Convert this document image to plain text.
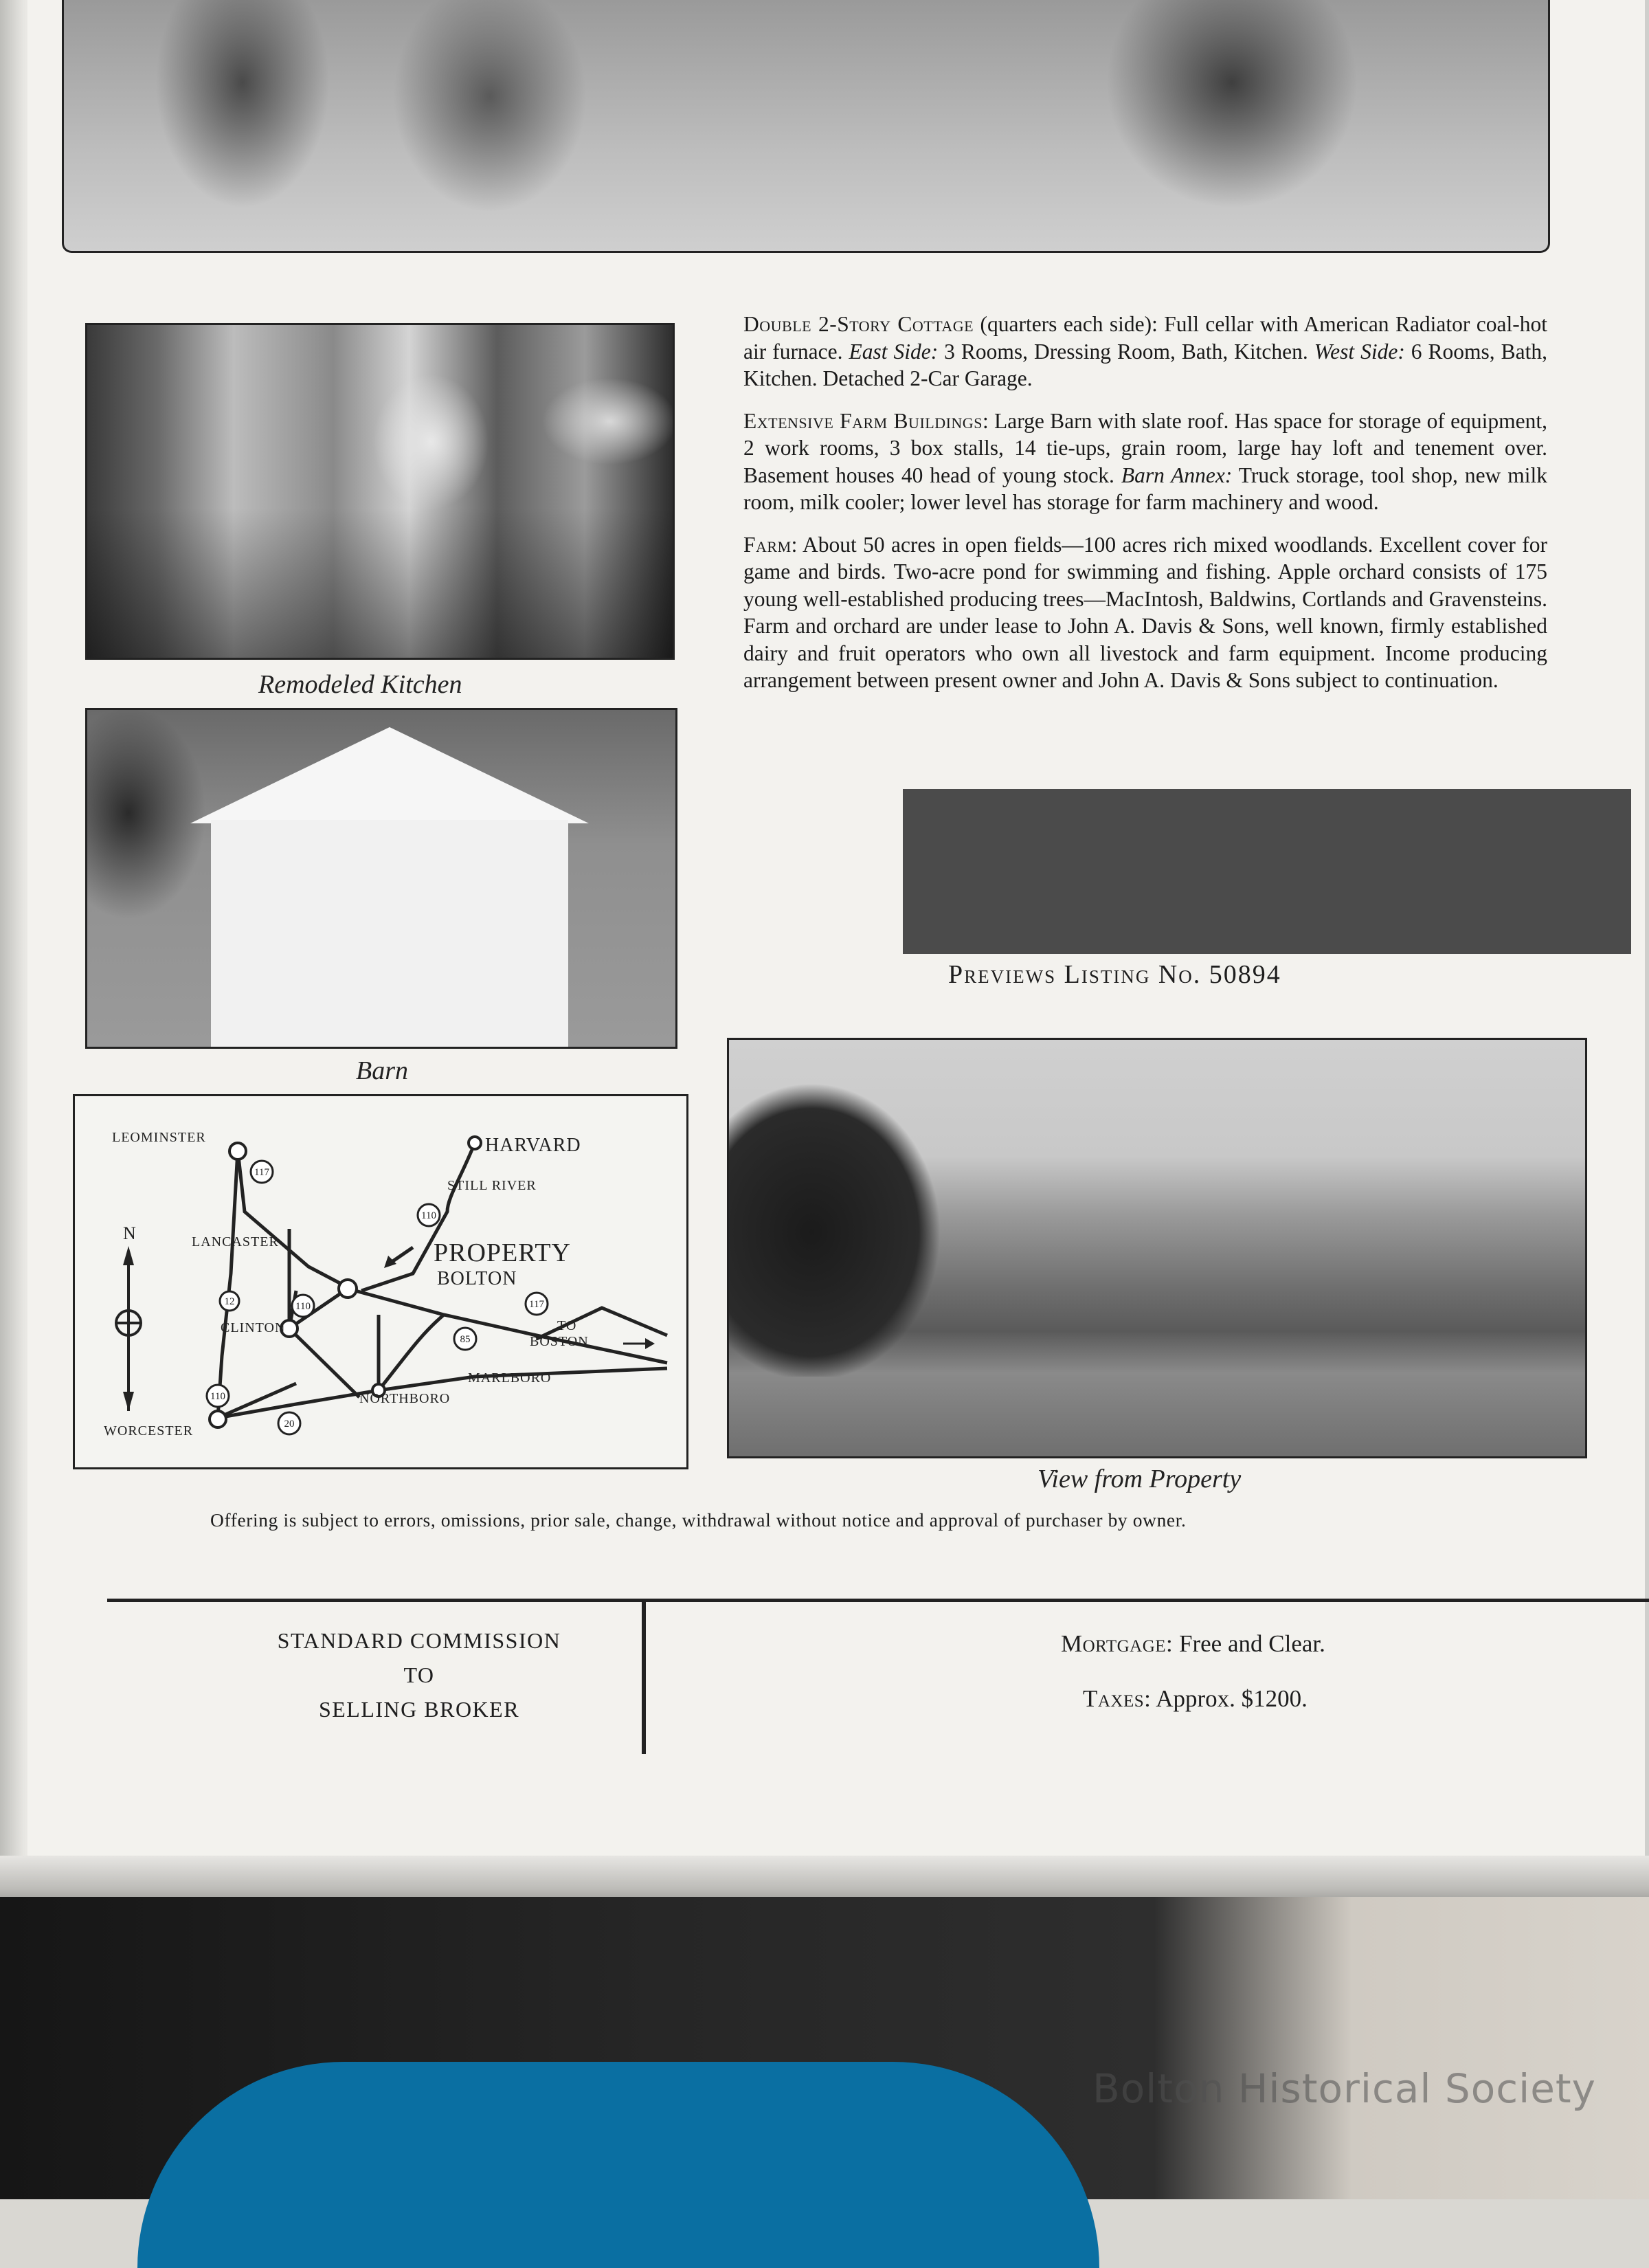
Remodeled Kitchen
Barn

Double 2-Story Cottage (quarters each side): Full cellar with American Radiator coal-hot air furnace. East Side: 3 Rooms, Dressing Room, Bath, Kitchen. West Side: 6 Rooms, Bath, Kitchen. Detached 2-Car Garage.

Extensive Farm Buildings: Large Barn with slate roof. Has space for storage of equipment, 2 work rooms, 3 box stalls, 14 tie-ups, grain room, large hay loft and tenement over. Basement houses 40 head of young stock. Barn Annex: Truck storage, tool shop, new milk room, milk cooler; lower level has storage for farm machinery and wood.

Farm: About 50 acres in open fields—100 acres rich mixed woodlands. Excellent cover for game and birds. Two-acre pond for swimming and fishing. Apple orchard consists of 175 young well-established producing trees—MacIntosh, Baldwins, Cortlands and Gravensteins. Farm and orchard are under lease to John A. Davis & Sons, well known, firmly established dairy and fruit operators who own all livestock and farm equipment. Income producing arrangement between present owner and John A. Davis & Sons subject to continuation.

Previews Listing No. 50894
View from Property
117
110
12	110	117
85
110
20
LEOMINSTER	HARVARD
STILL RIVER
LANCASTER	PROPERTY
BOLTON
CLINTON	TO
BOSTON
MARLBORO
NORTHBORO
WORCESTER
N
Offering is subject to errors, omissions, prior sale, change, withdrawal without notice and approval of purchaser by owner.
STANDARD COMMISSION
TO
SELLING BROKER
Mortgage: Free and Clear.
Taxes: Approx. $1200.
Bolton Historical Society
